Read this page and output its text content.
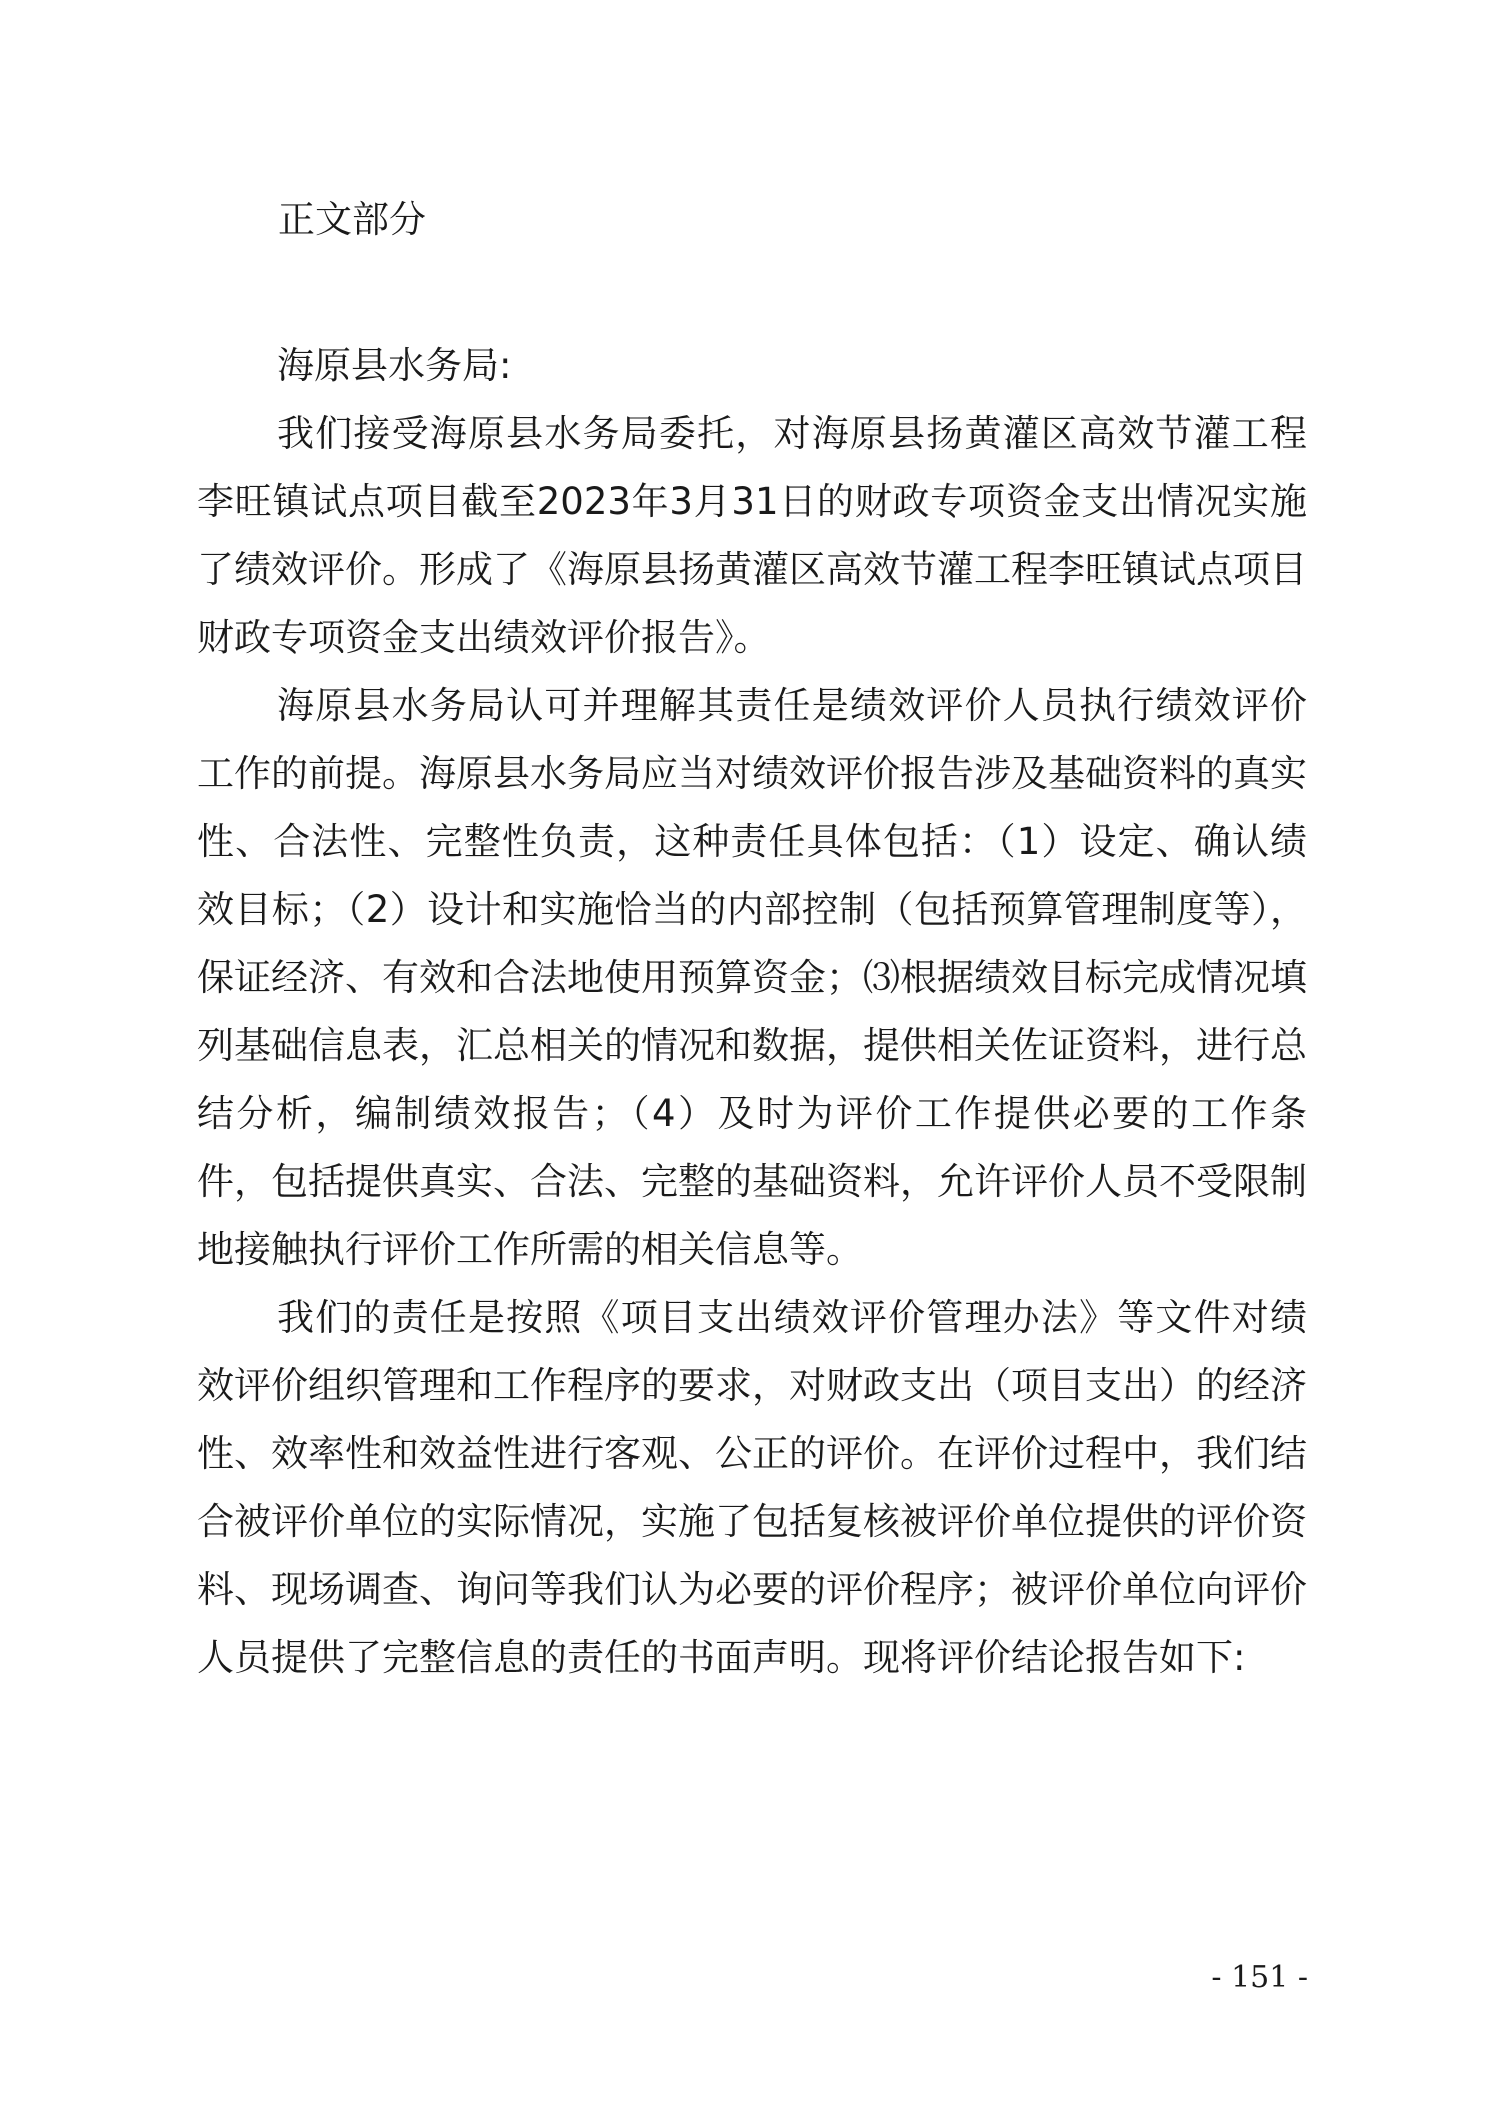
正文部分

海原县水务局:

我们接受海原县水务局委托，对海原县扬黄灌区高效节灌工程李旺镇试点项目截至2023年3月31日的财政专项资金支出情况实施了绩效评价。形成了《海原县扬黄灌区高效节灌工程李旺镇试点项目财政专项资金支出绩效评价报告》。

海原县水务局认可并理解其责任是绩效评价人员执行绩效评价工作的前提。海原县水务局应当对绩效评价报告涉及基础资料的真实性、合法性、完整性负责，这种责任具体包括：（1）设定、确认绩效目标；（2）设计和实施恰当的内部控制（包括预算管理制度等），保证经济、有效和合法地使用预算资金；⑶根据绩效目标完成情况填列基础信息表，汇总相关的情况和数据，提供相关佐证资料，进行总结分析，编制绩效报告；（4）及时为评价工作提供必要的工作条件，包括提供真实、合法、完整的基础资料，允许评价人员不受限制地接触执行评价工作所需的相关信息等。

我们的责任是按照《项目支出绩效评价管理办法》等文件对绩效评价组织管理和工作程序的要求，对财政支出（项目支出）的经济性、效率性和效益性进行客观、公正的评价。在评价过程中，我们结合被评价单位的实际情况，实施了包括复核被评价单位提供的评价资料、现场调查、询问等我们认为必要的评价程序；被评价单位向评价人员提供了完整信息的责任的书面声明。现将评价结论报告如下:

- 151 -
